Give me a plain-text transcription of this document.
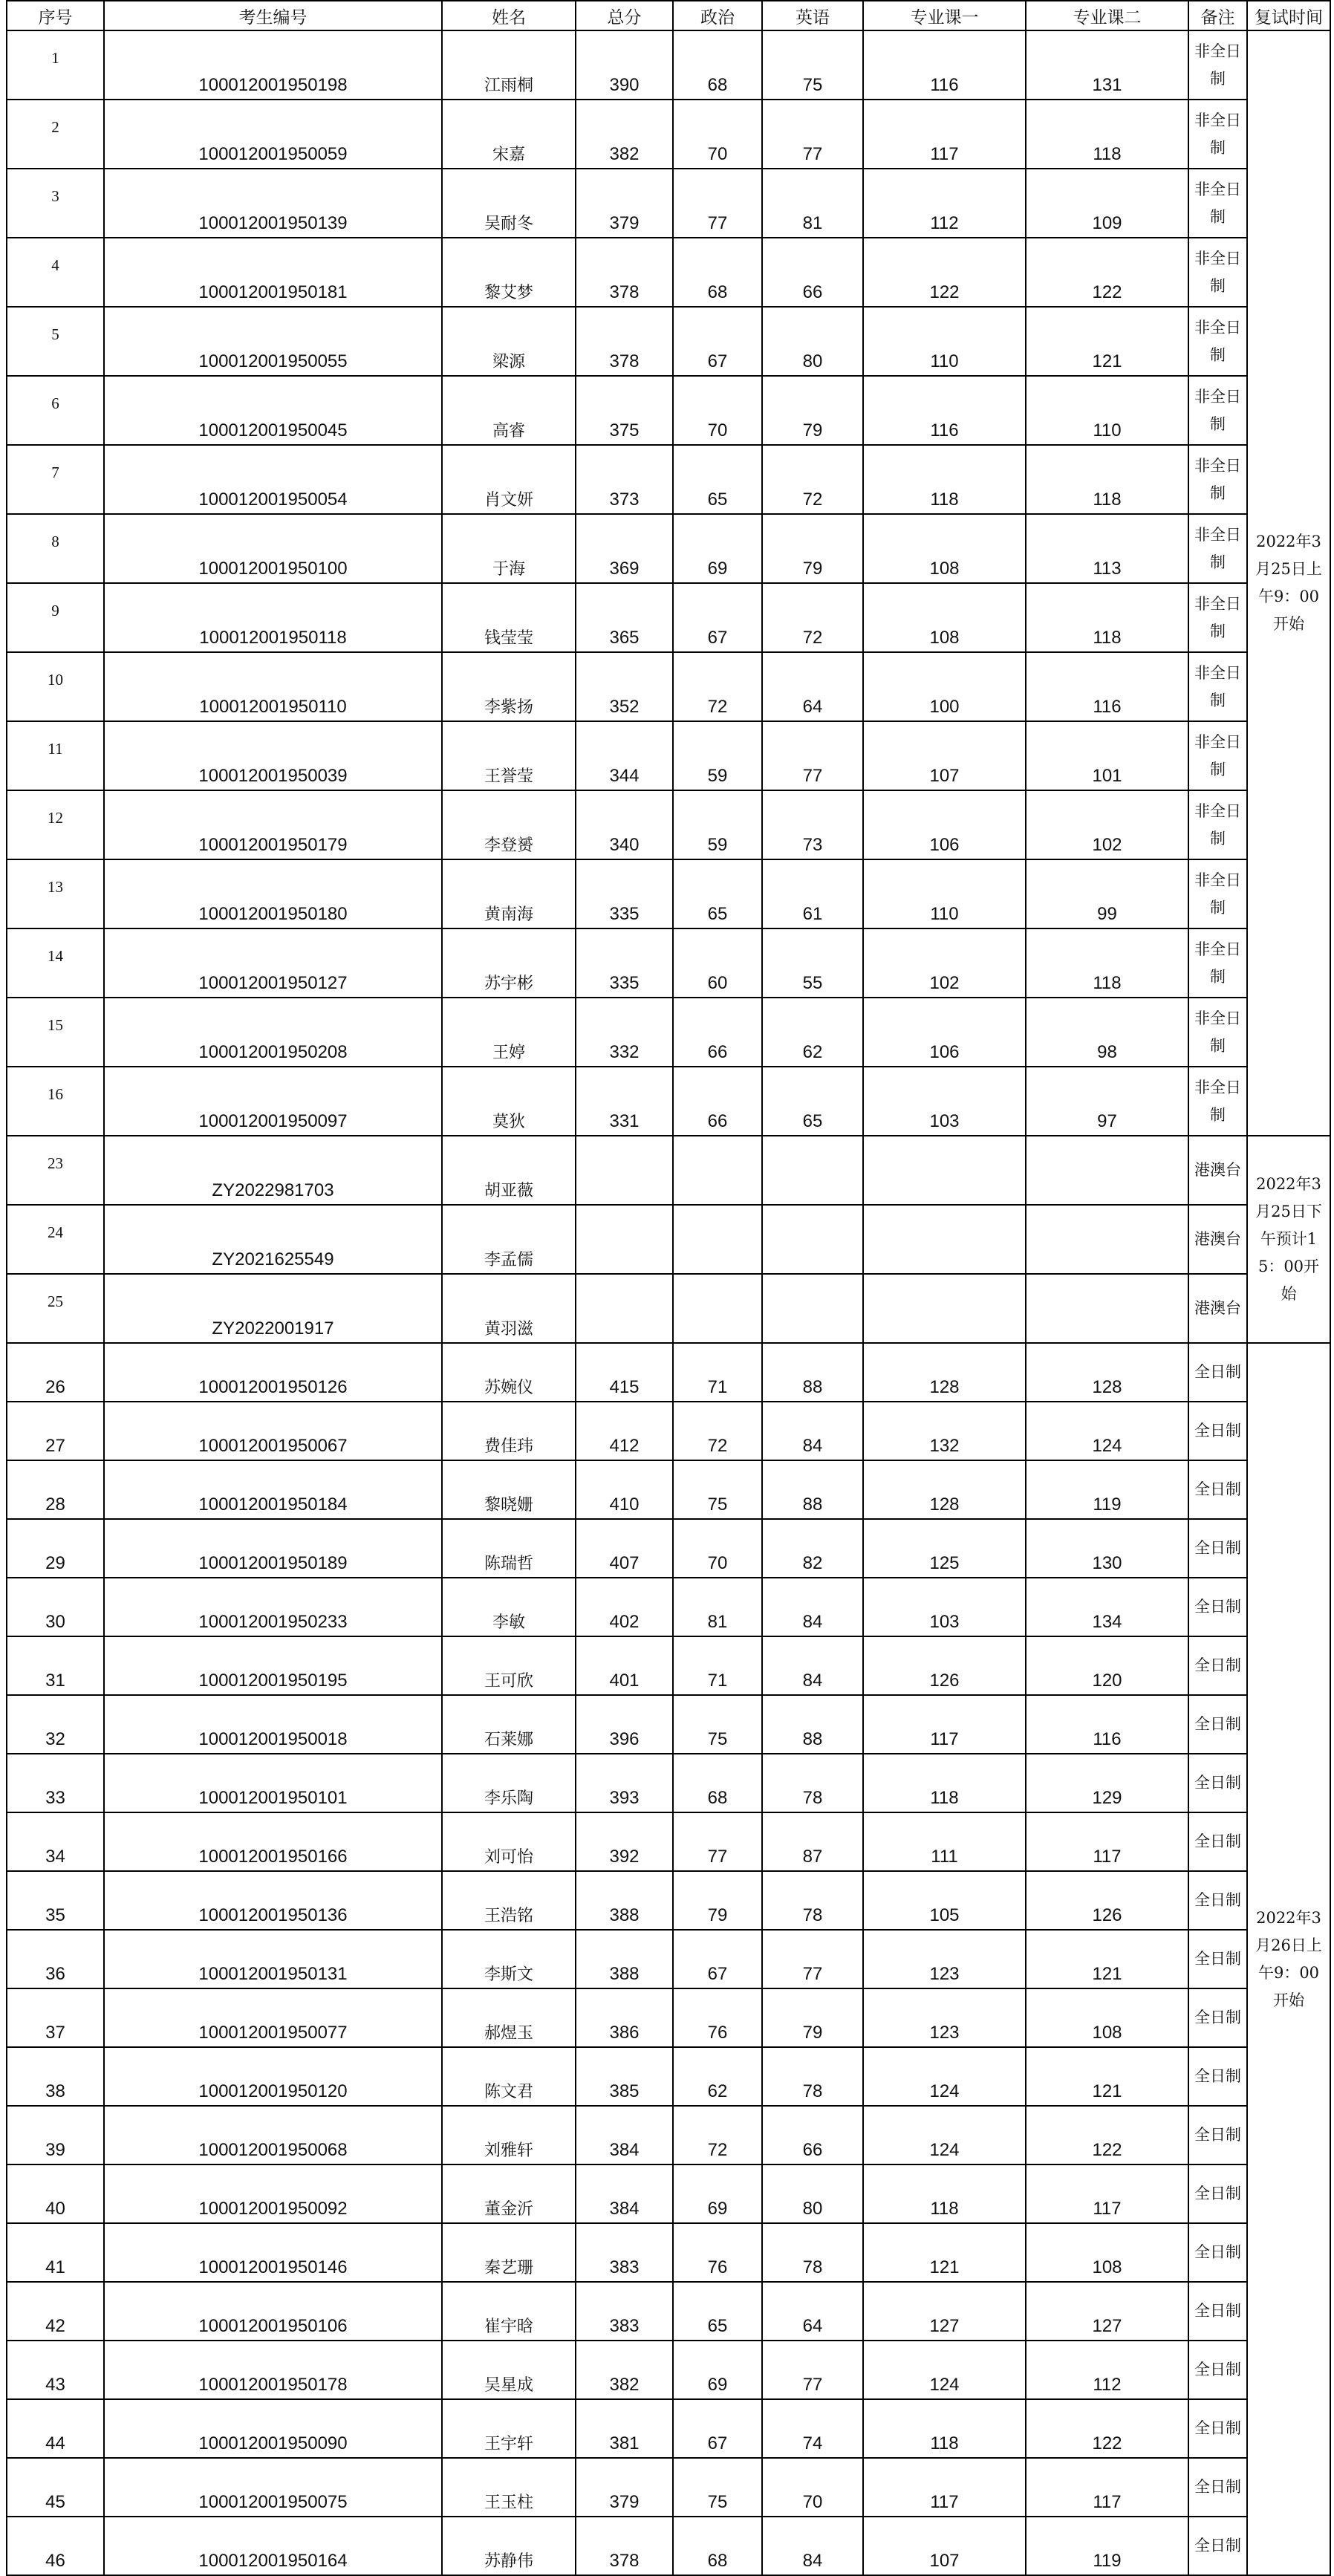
序号	考生编号	姓名	总分	政治	英语	专业课一	专业课二	备注	复试时间
1	100012001950198	江雨桐	390	68	75	116	131	非全日制	2022年3月25日上午9：00开始
2	100012001950059	宋嘉	382	70	77	117	118	非全日制	
3	100012001950139	吴耐冬	379	77	81	112	109	非全日制	
4	100012001950181	黎艾梦	378	68	66	122	122	非全日制	
5	100012001950055	梁源	378	67	80	110	121	非全日制	
6	100012001950045	高睿	375	70	79	116	110	非全日制	
7	100012001950054	肖文妍	373	65	72	118	118	非全日制	
8	100012001950100	于海	369	69	79	108	113	非全日制	
9	100012001950118	钱莹莹	365	67	72	108	118	非全日制	
10	100012001950110	李紫扬	352	72	64	100	116	非全日制	
11	100012001950039	王誉莹	344	59	77	107	101	非全日制	
12	100012001950179	李登赟	340	59	73	106	102	非全日制	
13	100012001950180	黄南海	335	65	61	110	99	非全日制	
14	100012001950127	苏宇彬	335	60	55	102	118	非全日制	
15	100012001950208	王婷	332	66	62	106	98	非全日制	
16	100012001950097	莫狄	331	66	65	103	97	非全日制	
23	ZY2022981703	胡亚薇						港澳台	2022年3月25日下午预计15：00开始
24	ZY2021625549	李孟儒						港澳台	
25	ZY2022001917	黄羽滋						港澳台	
26	100012001950126	苏婉仪	415	71	88	128	128	全日制	2022年3月26日上午9：00开始
27	100012001950067	费佳玮	412	72	84	132	124	全日制	
28	100012001950184	黎晓姗	410	75	88	128	119	全日制	
29	100012001950189	陈瑞哲	407	70	82	125	130	全日制	
30	100012001950233	李敏	402	81	84	103	134	全日制	
31	100012001950195	王可欣	401	71	84	126	120	全日制	
32	100012001950018	石莱娜	396	75	88	117	116	全日制	
33	100012001950101	李乐陶	393	68	78	118	129	全日制	
34	100012001950166	刘可怡	392	77	87	111	117	全日制	
35	100012001950136	王浩铭	388	79	78	105	126	全日制	
36	100012001950131	李斯文	388	67	77	123	121	全日制	
37	100012001950077	郝煜玉	386	76	79	123	108	全日制	
38	100012001950120	陈文君	385	62	78	124	121	全日制	
39	100012001950068	刘雅轩	384	72	66	124	122	全日制	
40	100012001950092	董金沂	384	69	80	118	117	全日制	
41	100012001950146	秦艺珊	383	76	78	121	108	全日制	
42	100012001950106	崔宇晗	383	65	64	127	127	全日制	
43	100012001950178	吴星成	382	69	77	124	112	全日制	
44	100012001950090	王宇轩	381	67	74	118	122	全日制	
45	100012001950075	王玉柱	379	75	70	117	117	全日制	
46	100012001950164	苏静伟	378	68	84	107	119	全日制	
